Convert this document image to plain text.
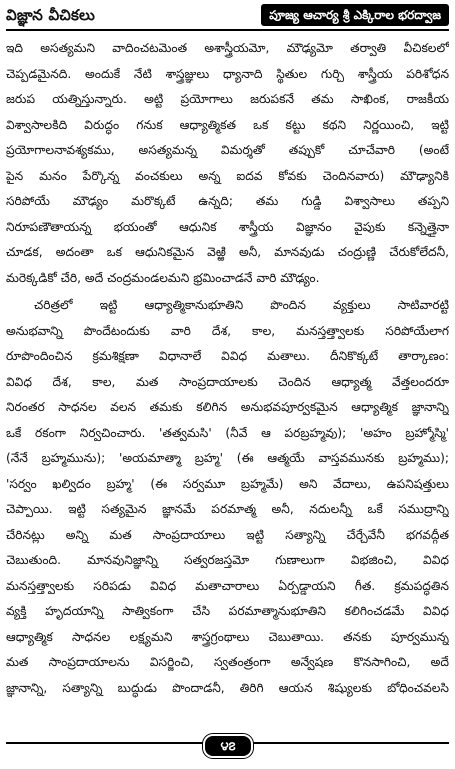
విజ్ఞాన వీచికలు	పూజ్య ఆచార్య శ్రీ ఎక్కిరాల భరద్వాజ
ఇది అసత్యమని వాదించటమెంత అశాస్త్రీయమో, మౌఢ్యమో తర్వాతి వీచికలలో
చెప్పడమైనది. అందుకే నేటి శాస్త్రజ్ఞులు ధ్యానాది స్థితుల గుర్చి శాస్త్రీయ పరిశోధన
జరుప యత్నిస్తున్నారు. అట్టి ప్రయోగాలు జరుపకనే తమ సాఖింక, రాజకీయ
విశ్వాసాలకిది విరుద్ధం గనుక ఆధ్యాత్మికత ఒక కట్టు కథని నిర్ణయించి, ఇట్టి
ప్రయోగాలనావశ్యకము, అసత్యమన్న విమర్శతో తప్పుకో చూచేవారి (అంటే
పైన మనం పేర్కొన్న వంచకులు అన్న ఐదవ కోవకు చెందినవారు) మౌఢ్యానికి
సరిపోయే మౌఢ్యం మరొక్కటే ఉన్నది; తమ గుడ్డి విశ్వాసాలు తప్పని
నిరూపణౌతాయన్న భయంతో ఆధునిక శాస్త్రీయ విజ్ఞానం వైపుకు కన్నెత్తైనా
చూడక, అదంతా ఒక ఆధునికమైన వెఱ్ఱి అనీ, మానవుడు చంద్రుణ్ణి చేరుకోలేదనీ,
మరెక్కడికో చేరి, అదే చంద్రమండలమని భ్రమించాడనే వారి మౌఢ్యం.
చరిత్రలో ఇట్టి ఆధ్యాత్మికానుభూతిని పొందిన వ్యక్తులు సాటివారట్టి
అనుభవాన్ని పొందేటందుకు వారి దేశ, కాల, మనస్తత్త్వాలకు సరిపోయేలాగ
రూపొందించిన క్రమశిక్షణా విధానాలే వివిధ మతాలు. దీనికొక్కటే తార్కాణం:
వివిధ దేశ, కాల, మత సాంప్రదాయాలకు చెందిన ఆధ్యాత్మ వేత్తలందరూ
నిరంతర సాధనల వలన తమకు కలిగిన అనుభవపూర్వకమైన ఆధ్యాత్మిక జ్ఞానాన్ని
ఒకే రకంగా నిర్వచించారు. 'తత్వమసి' (నీవే ఆ పరబ్రహ్మవు); 'అహం బ్రహ్మోస్మి'
(నేనే బ్రహ్మమును); 'అయమాత్మా బ్రహ్మ' (ఈ ఆత్మయే వాస్తవమునకు బ్రహ్మము);
'సర్వం ఖల్విదం బ్రహ్మ' (ఈ సర్వమూ బ్రహ్మమే) అని వేదాలు, ఉపనిషత్తులు
చెప్పాయి. ఇట్టి సత్యమైన జ్ఞానమే పరమాత్మ అనీ, నదులన్నీ ఒకే సముద్రాన్ని
చేరినట్లు అన్ని మత సాంప్రదాయాలు ఇట్టి సత్యాన్ని చేర్చేవేనీ భగవద్గీత
చెబుతుంది. మానవునిజ్ఞాన్ని సత్వరజస్తమో గుణాలుగా విభజించి, వివిధ
మనస్తత్త్వాలకు సరిపడు వివిధ మతాచారాలు ఏర్పడ్డాయని గీత. క్రమపద్ధతిన
వ్యక్తి హృదయాన్ని సాత్వికంగా చేసి పరమాత్మానుభూతిని కలిగించడమే వివిధ
ఆధ్యాత్మిక సాధనల లక్ష్యమని శాస్త్రగ్రంథాలు చెబుతాయి. తనకు పూర్వమున్న
మత సాంప్రదాయాలను విసర్జించి, స్వతంత్రంగా అన్వేషణ కొనసాగించి, అదే
జ్ఞానాన్ని, సత్యాన్ని బుద్ధుడు పొందాడనీ, తిరిగి ఆయన శిష్యులకు బోధించవలసి
౪౭
